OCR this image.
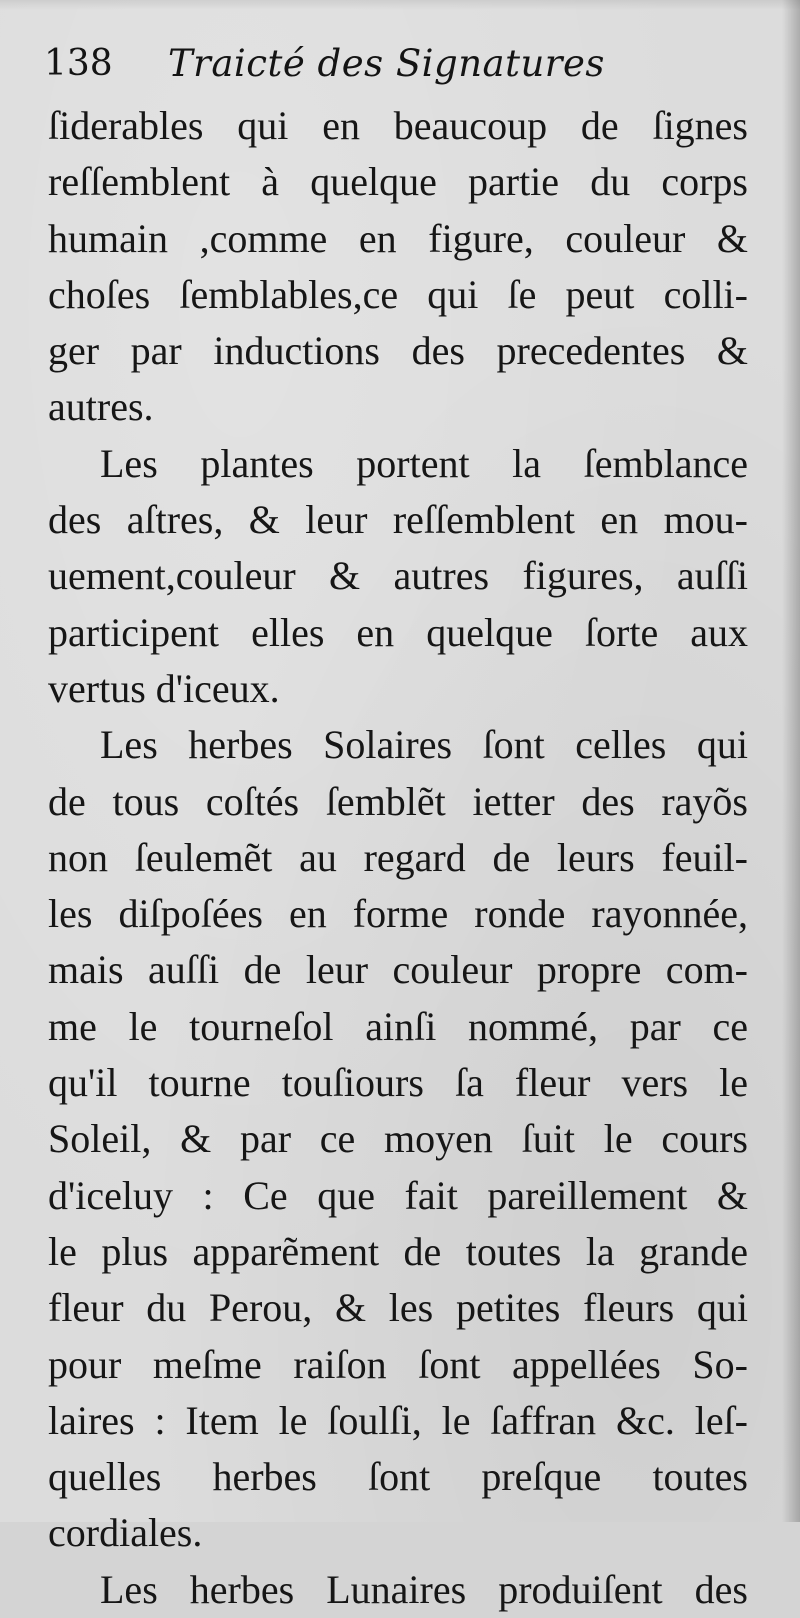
138 Traicté des Signatures
ſiderables qui en beaucoup de ſignes
reſſemblent à quelque partie du corps
humain ,comme en figure, couleur &
choſes ſemblables,ce qui ſe peut colli-
ger par inductions des precedentes &
autres.
Les plantes portent la ſemblance
des aſtres, & leur reſſemblent en mou-
uement,couleur & autres figures, auſſi
participent elles en quelque ſorte aux
vertus d'iceux.
Les herbes Solaires ſont celles qui
de tous coſtés ſemblẽt ietter des rayõs
non ſeulemẽt au regard de leurs feuil-
les diſpoſées en forme ronde rayonnée,
mais auſſi de leur couleur propre com-
me le tourneſol ainſi nommé, par ce
qu'il tourne touſiours ſa fleur vers le
Soleil, & par ce moyen ſuit le cours
d'iceluy : Ce que fait pareillement &
le plus apparẽment de toutes la grande
fleur du Perou, & les petites fleurs qui
pour meſme raiſon ſont appellées So-
laires : Item le ſoulſi, le ſaffran &c. leſ-
quelles herbes ſont preſque toutes
cordiales.
Les herbes Lunaires produiſent des
